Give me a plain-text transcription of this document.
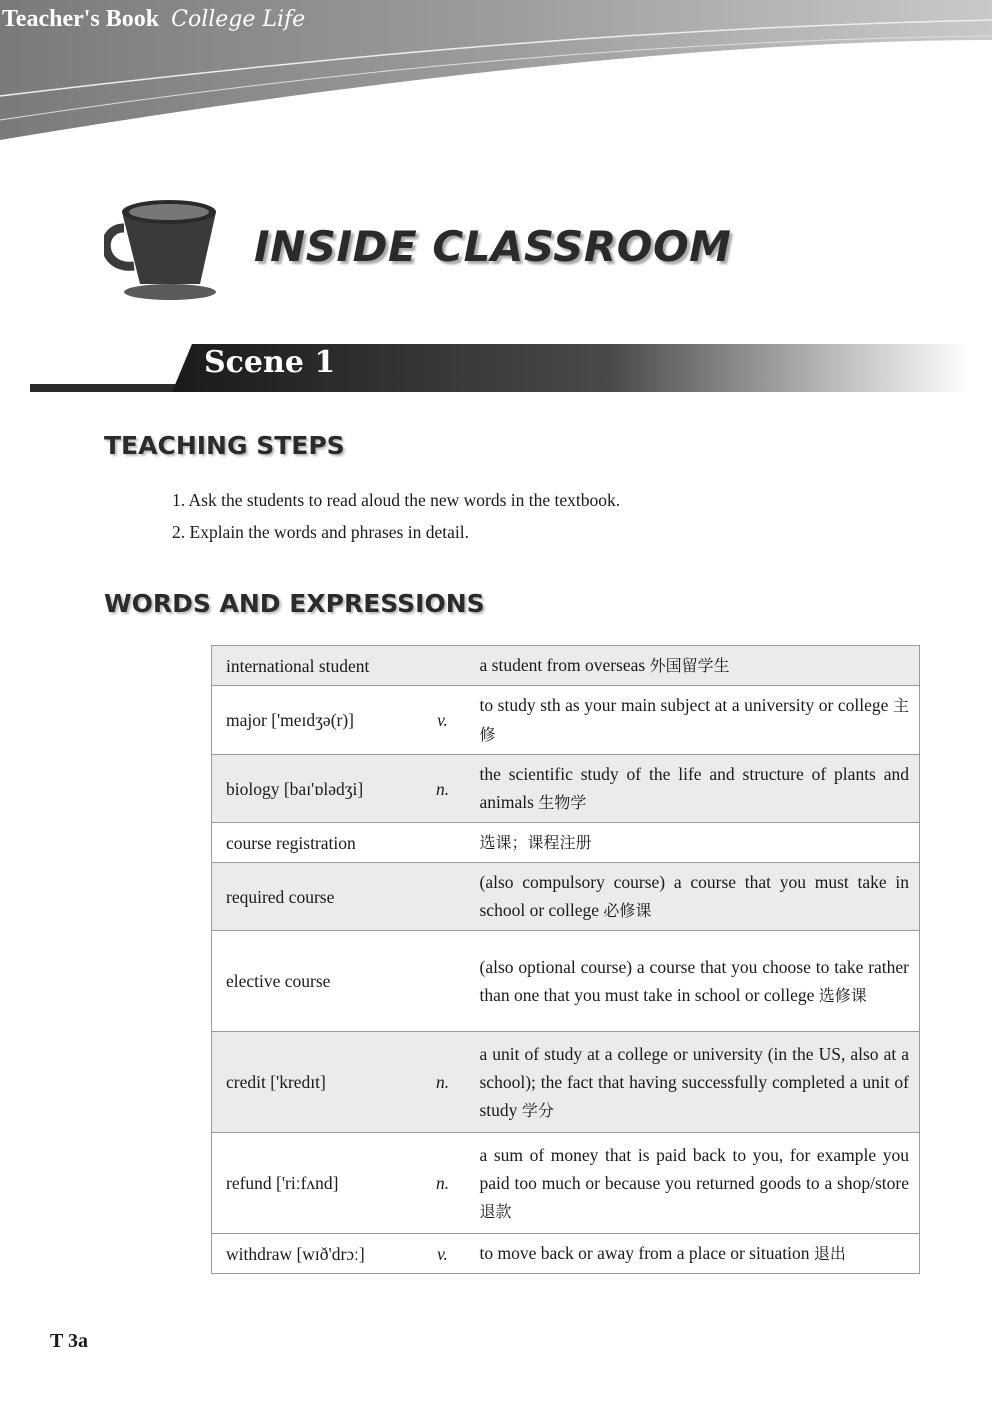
Teacher's Book College Life
INSIDE CLASSROOM
Scene 1
TEACHING STEPS
1. Ask the students to read aloud the new words in the textbook.
2. Explain the words and phrases in detail.
WORDS AND EXPRESSIONS
international student		a student from overseas 外国留学生
major ['meɪdʒə(r)]	v.	to study sth as your main subject at a university or college 主修
biology [baɪ'ɒlədʒi]	n.	the scientific study of the life and structure of plants and animals 生物学
course registration		选课；课程注册
required course		(also compulsory course) a course that you must take in school or college 必修课
elective course		(also optional course) a course that you choose to take rather than one that you must take in school or college 选修课
credit ['kredɪt]	n.	a unit of study at a college or university (in the US, also at a school); the fact that having successfully completed a unit of study 学分
refund ['riːfʌnd]	n.	a sum of money that is paid back to you, for example you paid too much or because you returned goods to a shop/store 退款
withdraw [wɪð'drɔː]	v.	to move back or away from a place or situation 退出
T 3a
